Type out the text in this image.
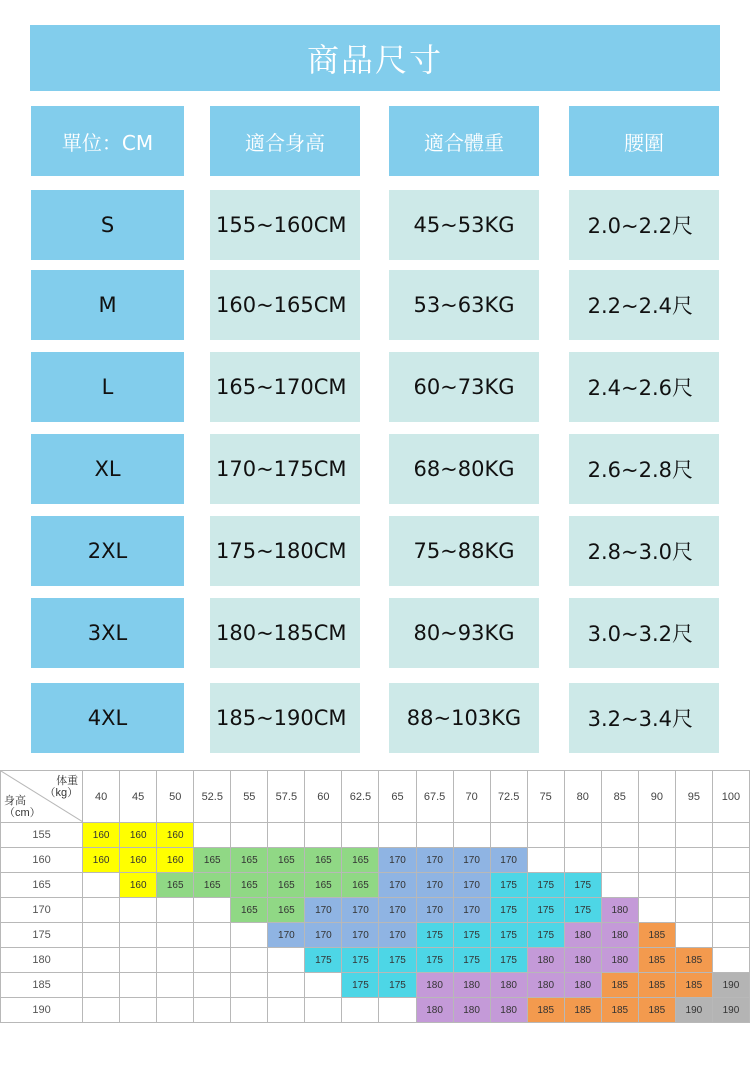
商品尺寸
單位：CM	適合身高	適合體重	腰圍
S	155~160CM	45~53KG	2.0~2.2尺
M	160~165CM	53~63KG	2.2~2.4尺
L	165~170CM	60~73KG	2.4~2.6尺
XL	170~175CM	68~80KG	2.6~2.8尺
2XL	175~180CM	75~88KG	2.8~3.0尺
3XL	180~185CM	80~93KG	3.0~3.2尺
4XL	185~190CM	88~103KG	3.2~3.4尺
体重
（kg）
身高
（cm）	40	45	50	52.5	55	57.5	60	62.5	65	67.5	70	72.5	75	80	85	90	95	100
155	160	160	160															
160	160	160	160	165	165	165	165	165	170	170	170	170						
165		160	165	165	165	165	165	165	170	170	170	175	175	175				
170					165	165	170	170	170	170	170	175	175	175	180			
175						170	170	170	170	175	175	175	175	180	180	185		
180							175	175	175	175	175	175	180	180	180	185	185	
185								175	175	180	180	180	180	180	185	185	185	190
190										180	180	180	185	185	185	185	190	190
